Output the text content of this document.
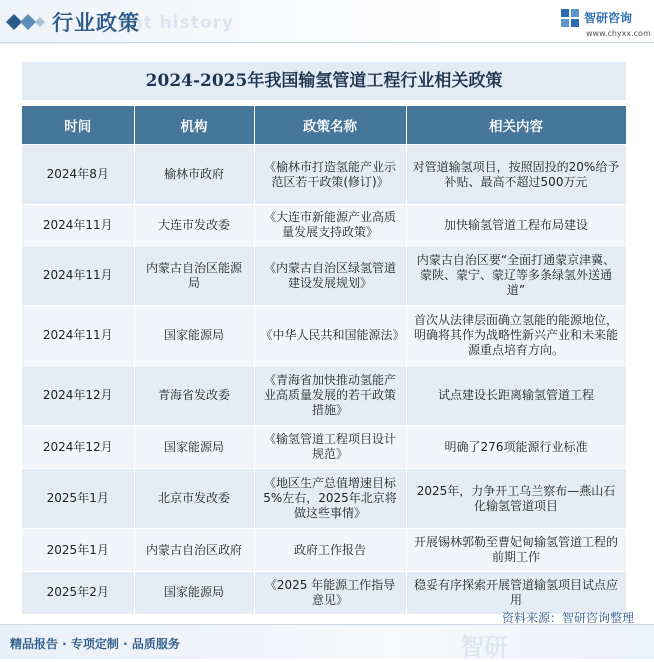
ent history
行业政策	智研咨询
www.chyxx.com
2024-2025年我国输氢管道工程行业相关政策
时间	机构	政策名称	相关内容
2024年8月	榆林市政府	《榆林市打造氢能产业示范区若干政策(修订)》	对管道输氢项目，按照固投的20%给予补贴、最高不超过500万元
2024年11月	大连市发改委	《大连市新能源产业高质量发展支持政策》	加快输氢管道工程布局建设
2024年11月	内蒙古自治区能源局	《内蒙古自治区绿氢管道建设发展规划》	内蒙古自治区要“全面打通蒙京津冀、蒙陕、蒙宁、蒙辽等多条绿氢外送通道”
2024年11月	国家能源局	《中华人民共和国能源法》	首次从法律层面确立氢能的能源地位，明确将其作为战略性新兴产业和未来能源重点培育方向。
2024年12月	青海省发改委	《青海省加快推动氢能产业高质量发展的若干政策措施》	试点建设长距离输氢管道工程
2024年12月	国家能源局	《输氢管道工程项目设计规范》	明确了276项能源行业标准
2025年1月	北京市发改委	《地区生产总值增速目标5%左右，2025年北京将做这些事情》	2025年，力争开工乌兰察布—燕山石化输氢管道项目
2025年1月	内蒙古自治区政府	政府工作报告	开展锡林郭勒至曹妃甸输氢管道工程的前期工作
2025年2月	国家能源局	《2025 年能源工作指导意见》	稳妥有序探索开展管道输氢项目试点应用
智研
资料来源：智研咨询整理
精品报告 · 专项定制 · 品质服务
